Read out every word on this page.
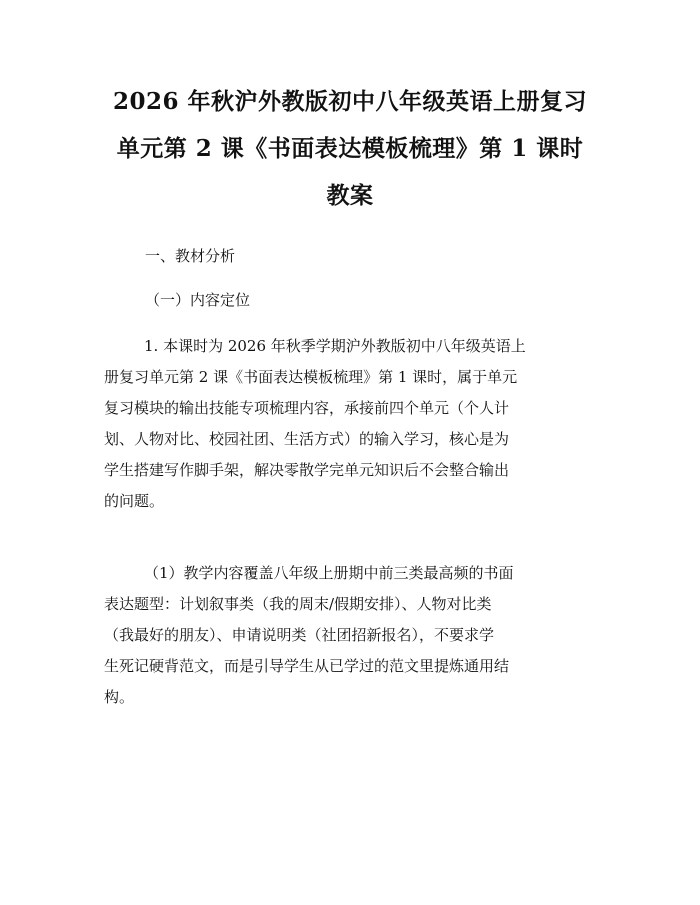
2026 年秋沪外教版初中八年级英语上册复习
单元第 2 课《书面表达模板梳理》第 1 课时
教案
一、教材分析
（一）内容定位
1. 本课时为 2026 年秋季学期沪外教版初中八年级英语上
册复习单元第 2 课《书面表达模板梳理》第 1 课时，属于单元
复习模块的输出技能专项梳理内容，承接前四个单元（个人计
划、人物对比、校园社团、生活方式）的输入学习，核心是为
学生搭建写作脚手架，解决零散学完单元知识后不会整合输出
的问题。
（1）教学内容覆盖八年级上册期中前三类最高频的书面
表达题型：计划叙事类（我的周末/假期安排）、人物对比类
（我最好的朋友）、申请说明类（社团招新报名），不要求学
生死记硬背范文，而是引导学生从已学过的范文里提炼通用结
构。
